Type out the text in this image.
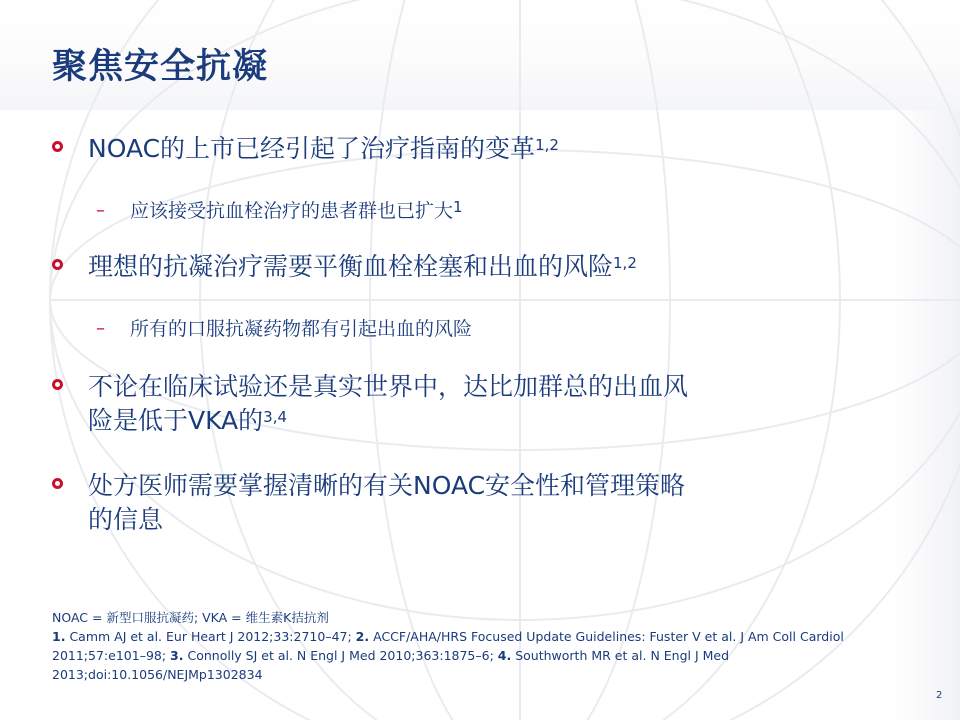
聚焦安全抗凝
NOAC的上市已经引起了治疗指南的变革$^{1,2}$
– 应该接受抗血栓治疗的患者群也已扩大$^1$
理想的抗凝治疗需要平衡血栓栓塞和出血的风险$^{1,2}$
– 所有的口服抗凝药物都有引起出血的风险
不论在临床试验还是真实世界中，达比加群总的出血风
险是低于VKA的$^{3,4}$
处方医师需要掌握清晰的有关NOAC安全性和管理策略
的信息

NOAC = 新型口服抗凝药; VKA = 维生素K拮抗剂

1. Camm AJ et al. Eur Heart J 2012;33:2710–47; 2. ACCF/AHA/HRS Focused Update Guidelines: Fuster V et al. J Am Coll Cardiol 2011;57:e101–98; 3. Connolly SJ et al. N Engl J Med 2010;363:1875–6; 4. Southworth MR et al. N Engl J Med 2013;doi:10.1056/NEJMp1302834

2
